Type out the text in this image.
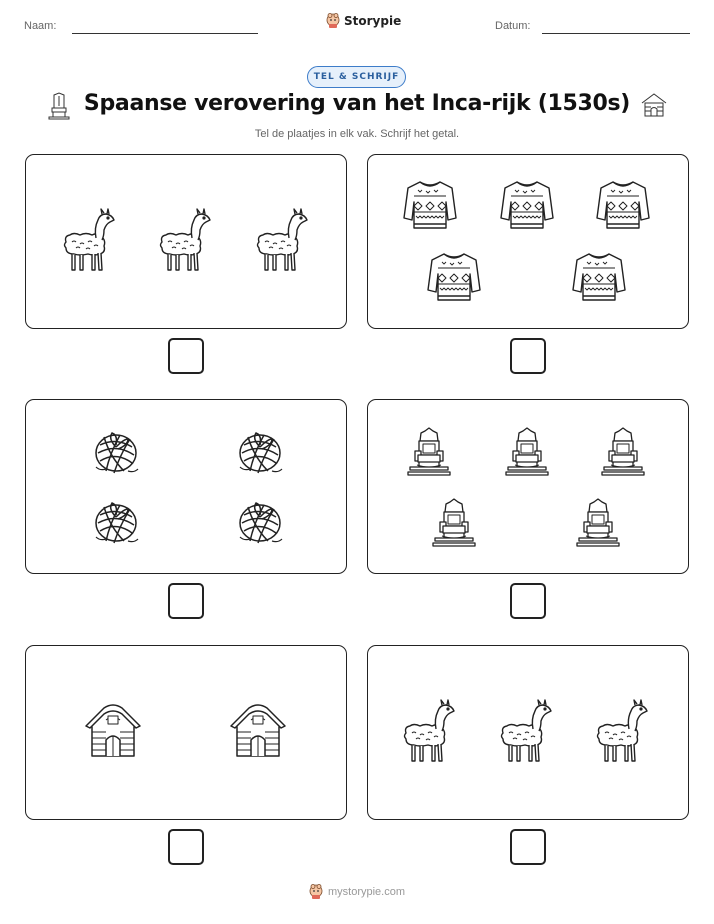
Naam:	Storypie	Datum:
TEL & SCHRIJF
Spaanse verovering van het Inca-rijk (1530s)
Tel de plaatjes in elk vak. Schrijf het getal.
mystorypie.com
